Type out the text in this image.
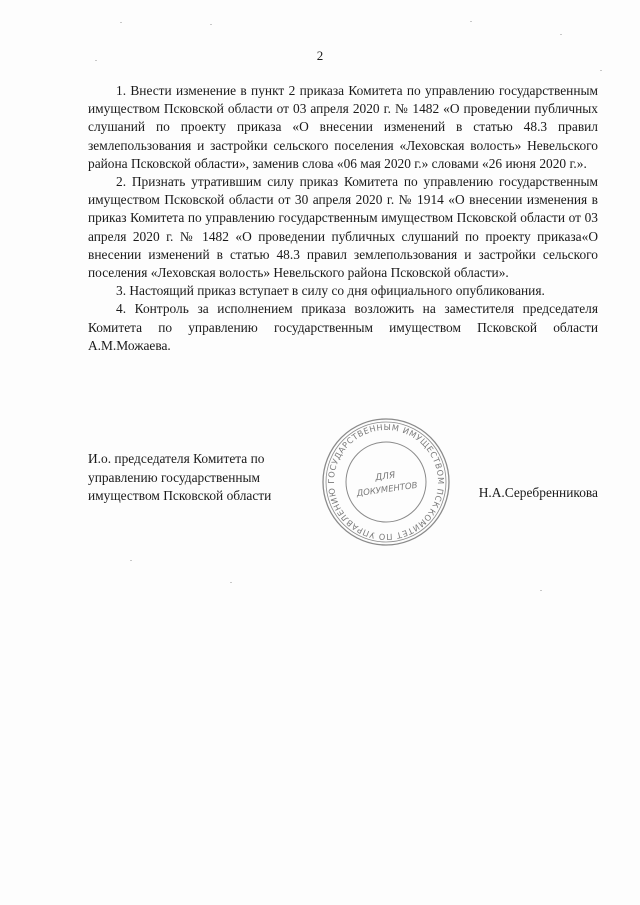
2

1. Внести изменение в пункт 2 приказа Комитета по управлению государственным имуществом Псковской области от 03 апреля 2020 г. № 1482 «О проведении публичных слушаний по проекту приказа «О внесении изменений в статью 48.3 правил землепользования и застройки сельского поселения «Леховская волость» Невельского района Псковской области», заменив слова «06 мая 2020 г.» словами «26 июня 2020 г.».

2. Признать утратившим силу приказ Комитета по управлению государственным имуществом Псковской области от 30 апреля 2020 г. № 1914 «О внесении изменения в приказ Комитета по управлению государственным имуществом Псковской области от 03 апреля 2020 г. № 1482 «О проведении публичных слушаний по проекту приказа«О внесении изменений в статью 48.3 правил землепользования и застройки сельского поселения «Леховская волость» Невельского района Псковской области».

3. Настоящий приказ вступает в силу со дня официального опубликования.

4. Контроль за исполнением приказа возложить на заместителя председателя Комитета по управлению государственным имуществом Псковской области А.М.Можаева.

И.о. председателя Комитета по
управлению государственным
имуществом Псковской области
КОМИТЕТ ПО УПРАВЛЕНИЮ ГОСУДАРСТВЕННЫМ ИМУЩЕСТВОМ ПСКОВСКОЙ
ДЛЯ
ДОКУМЕНТОВ	Н.А.Серебренникова
